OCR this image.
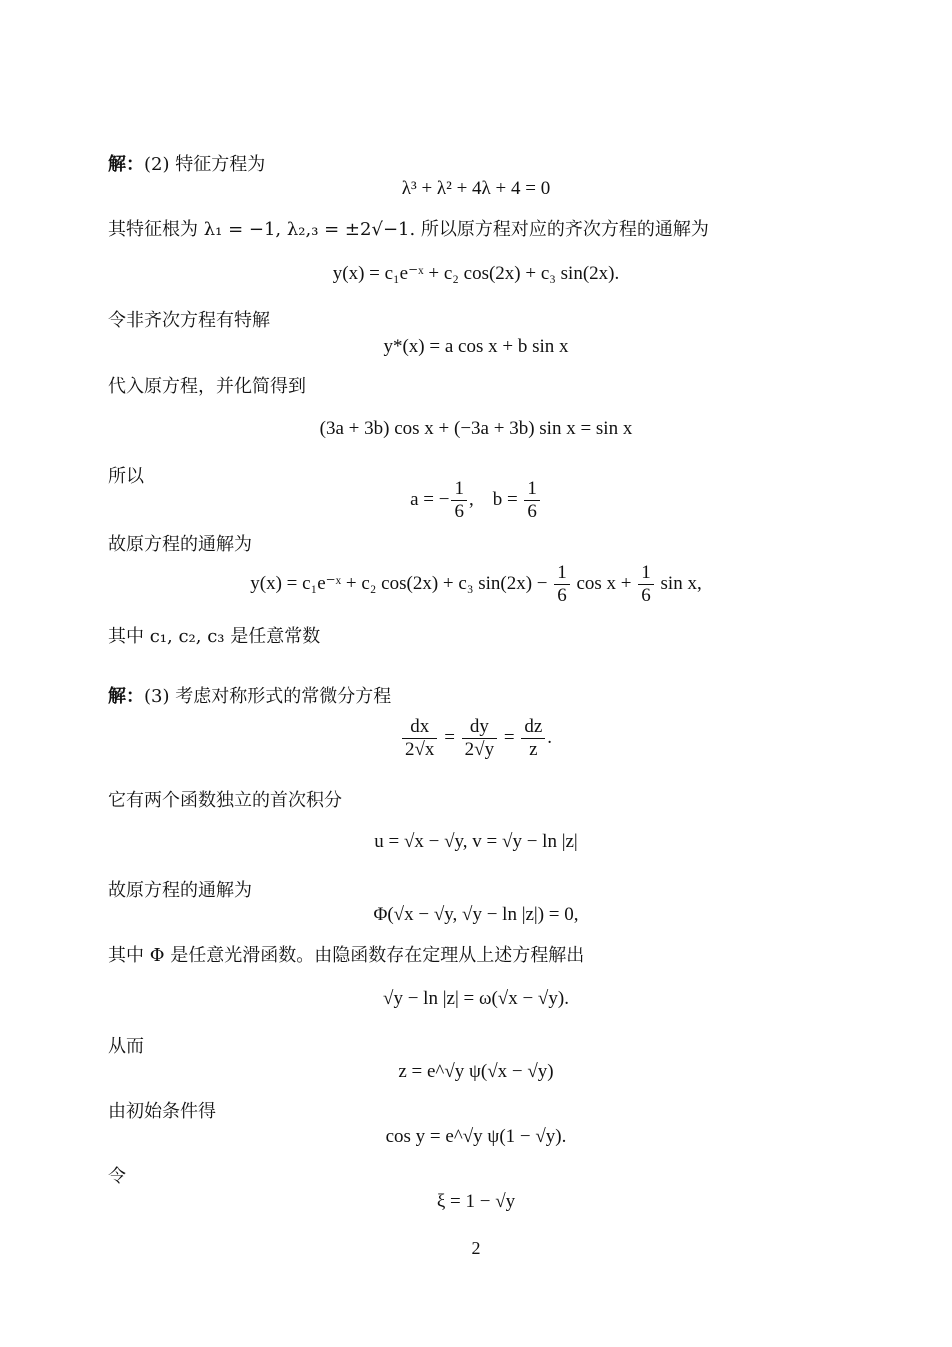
解：(2) 特征方程为
λ³ + λ² + 4λ + 4 = 0
其特征根为 λ₁ = −1, λ₂,₃ = ±2√−1. 所以原方程对应的齐次方程的通解为
y(x) = c₁e⁻ˣ + c₂ cos(2x) + c₃ sin(2x).
令非齐次方程有特解
y*(x) = a cos x + b sin x
代入原方程，并化简得到
(3a + 3b) cos x + (−3a + 3b) sin x = sin x
所以
a = − $\frac{1}{6}$ ,    $b = \frac{1}{6}$
故原方程的通解为
y(x) = c₁e⁻ˣ + c₂ cos(2x) + c₃ $\sin(2x) - \frac{1}{6}$ $\cos x + \frac{1}{6}$ sin x,
其中 c₁, c₂, c₃ 是任意常数
解：(3) 考虑对称形式的常微分方程
$\frac{dx}{2√x} = \frac{dy}{2√y} = \frac{dz}{z}$ .
它有两个函数独立的首次积分
u = √x − √y, v = √y − ln |z|
故原方程的通解为
Φ(√x − √y, √y − ln |z|) = 0,
其中 Φ 是任意光滑函数。由隐函数存在定理从上述方程解出
√y − ln |z| = ω(√x − √y).
从而
z = e^√y ψ(√x − √y)
由初始条件得
cos y = e^√y ψ(1 − √y).
令
ξ = 1 − √y
2
